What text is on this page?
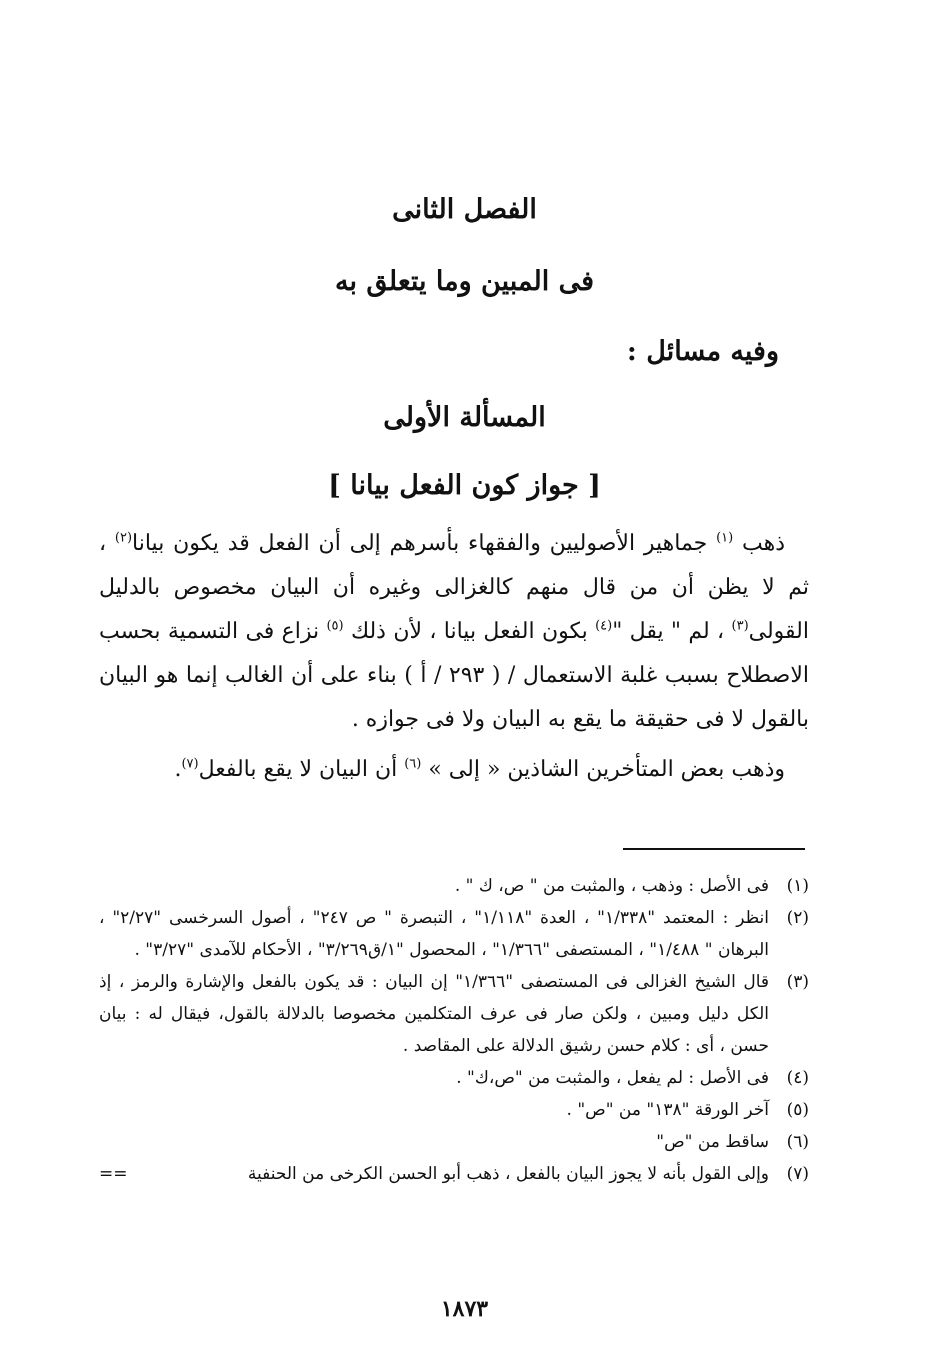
الفصل الثانى
فى المبين وما يتعلق به

وفيه مسائل :

المسألة الأولى
[ جواز كون الفعل بيانا ]

ذهب $^{(١)}$ جماهير الأصوليين والفقهاء بأسرهم إلى أن الفعل قد يكون بيانا$^{(٢)}$ ، ثم لا يظن أن من قال منهم كالغزالى وغيره أن البيان مخصوص بالدليل القولى$^{(٣)}$ ، لم " يقل "$^{(٤)}$ بكون الفعل بيانا ، لأن ذلك $^{(٥)}$ نزاع فى التسمية بحسب الاصطلاح بسبب غلبة الاستعمال / ( ٢٩٣ / أ ) بناء على أن الغالب إنما هو البيان بالقول لا فى حقيقة ما يقع به البيان ولا فى جوازه .

وذهب بعض المتأخرين الشاذين « إلى » $^{(٦)}$ أن البيان لا يقع بالفعل$^{(٧)}$.

(١)
فى الأصل : وذهب ، والمثبت من " ص، ك " .
(٢)
انظر : المعتمد "١/٣٣٨" ، العدة "١/١١٨" ، التبصرة " ص ٢٤٧" ، أصول السرخسى "٢/٢٧" ، البرهان " ١/٤٨٨" ، المستصفى "١/٣٦٦" ، المحصول "١/ق٣/٢٦٩" ، الأحكام للآمدى "٣/٢٧" .
(٣)
قال الشيخ الغزالى فى المستصفى "١/٣٦٦" إن البيان : قد يكون بالفعل والإشارة والرمز ، إذ الكل دليل ومبين ، ولكن صار فى عرف المتكلمين مخصوصا بالدلالة بالقول، فيقال له : بيان حسن ، أى : كلام حسن رشيق الدلالة على المقاصد .
(٤)
فى الأصل : لم يفعل ، والمثبت من "ص،ك" .
(٥)
آخر الورقة "١٣٨" من "ص" .
(٦)
ساقط من "ص"
(٧)
وإلى القول بأنه لا يجوز البيان بالفعل ، ذهب أبو الحسن الكرخى من الحنفية
==

١٨٧٣
